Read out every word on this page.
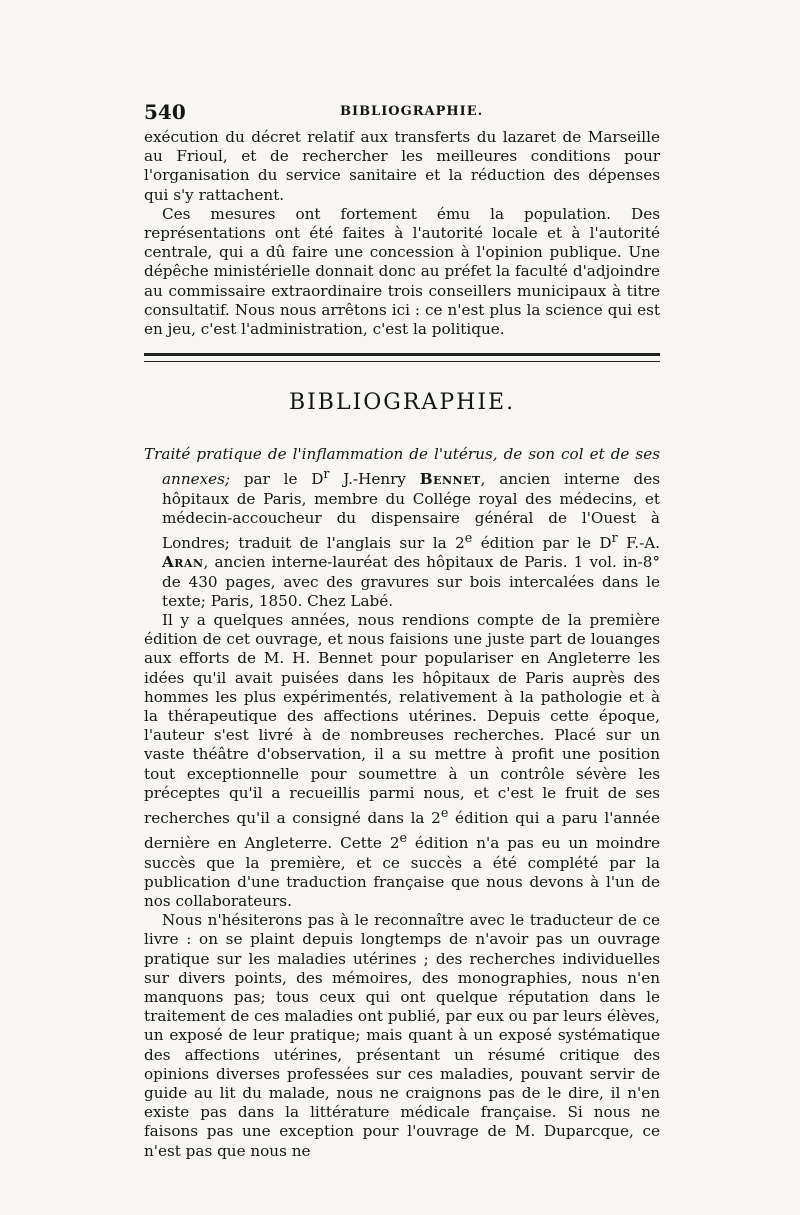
540	BIBLIOGRAPHIE.

exécution du décret relatif aux transferts du lazaret de Marseille au Frioul, et de rechercher les meilleures conditions pour l'organisation du service sanitaire et la réduction des dépenses qui s'y rattachent.

Ces mesures ont fortement ému la population. Des représentations ont été faites à l'autorité locale et à l'autorité centrale, qui a dû faire une concession à l'opinion publique. Une dépêche ministérielle donnait donc au préfet la faculté d'adjoindre au commissaire extraordinaire trois conseillers municipaux à titre consultatif. Nous nous arrêtons ici : ce n'est plus la science qui est en jeu, c'est l'administration, c'est la politique.

BIBLIOGRAPHIE.

Traité pratique de l'inflammation de l'utérus, de son col et de ses annexes; par le $D^r$ J.-Henry Bennet, ancien interne des hôpitaux de Paris, membre du Collége royal des médecins, et médecin-accoucheur du dispensaire général de l'Ouest à Londres; traduit de l'anglais sur la 2e édition par le $D^r$ F.-A. Aran, ancien interne-lauréat des hôpitaux de Paris. 1 vol. in-8° de 430 pages, avec des gravures sur bois intercalées dans le texte; Paris, 1850. Chez Labé.

Il y a quelques années, nous rendions compte de la première édition de cet ouvrage, et nous faisions une juste part de louanges aux efforts de M. H. Bennet pour populariser en Angleterre les idées qu'il avait puisées dans les hôpitaux de Paris auprès des hommes les plus expérimentés, relativement à la pathologie et à la thérapeutique des affections utérines. Depuis cette époque, l'auteur s'est livré à de nombreuses recherches. Placé sur un vaste théâtre d'observation, il a su mettre à profit une position tout exceptionnelle pour soumettre à un contrôle sévère les préceptes qu'il a recueillis parmi nous, et c'est le fruit de ses recherches qu'il a consigné dans la 2e édition qui a paru l'année dernière en Angleterre. Cette 2e édition n'a pas eu un moindre succès que la première, et ce succès a été complété par la publication d'une traduction française que nous devons à l'un de nos collaborateurs.

Nous n'hésiterons pas à le reconnaître avec le traducteur de ce livre : on se plaint depuis longtemps de n'avoir pas un ouvrage pratique sur les maladies utérines ; des recherches individuelles sur divers points, des mémoires, des monographies, nous n'en manquons pas; tous ceux qui ont quelque réputation dans le traitement de ces maladies ont publié, par eux ou par leurs élèves, un exposé de leur pratique; mais quant à un exposé systématique des affections utérines, présentant un résumé critique des opinions diverses professées sur ces maladies, pouvant servir de guide au lit du malade, nous ne craignons pas de le dire, il n'en existe pas dans la littérature médicale française. Si nous ne faisons pas une exception pour l'ouvrage de M. Duparcque, ce n'est pas que nous ne
